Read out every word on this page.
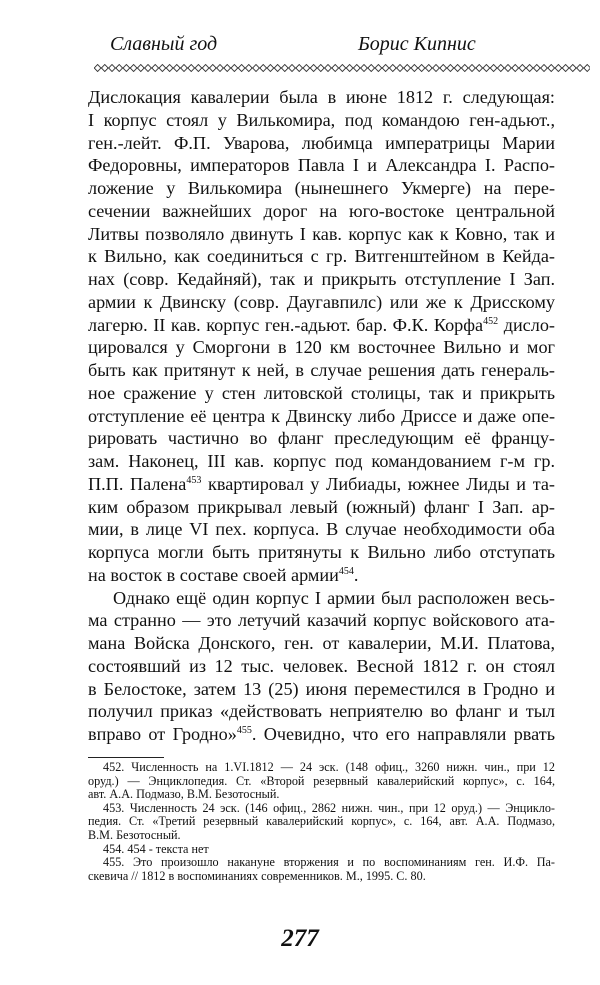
Славный год	Борис Кипнис
Дислокация кавалерии была в июне 1812 г. следующая:
I корпус стоял у Вилькомира, под командою ген-адьют.,
ген.-лейт. Ф.П. Уварова, любимца императрицы Марии
Федоровны, императоров Павла I и Александра I. Распо-
ложение у Вилькомира (нынешнего Укмерге) на пере-
сечении важнейших дорог на юго-востоке центральной
Литвы позволяло двинуть I кав. корпус как к Ковно, так и
к Вильно, как соединиться с гр. Витгенштейном в Кейда-
нах (совр. Кедайняй), так и прикрыть отступление I Зап.
армии к Двинску (совр. Даугавпилс) или же к Дрисскому
лагерю. II кав. корпус ген.-адьют. бар. Ф.К. Корфа$^{452}$ дисло-
цировался у Сморгони в 120 км восточнее Вильно и мог
быть как притянут к ней, в случае решения дать генераль-
ное сражение у стен литовской столицы, так и прикрыть
отступление её центра к Двинску либо Дриссе и даже опе-
рировать частично во фланг преследующим её францу-
зам. Наконец, III кав. корпус под командованием г-м гр.
П.П. Палена$^{453}$ квартировал у Либиады, южнее Лиды и та-
ким образом прикрывал левый (южный) фланг I Зап. ар-
мии, в лице VI пех. корпуса. В случае необходимости оба
корпуса могли быть притянуты к Вильно либо отступать
на восток в составе своей армии$^{454}$.
Однако ещё один корпус I армии был расположен весь-
ма странно — это летучий казачий корпус войскового ата-
мана Войска Донского, ген. от кавалерии, М.И. Платова,
состоявший из 12 тыс. человек. Весной 1812 г. он стоял
в Белостоке, затем 13 (25) июня переместился в Гродно и
получил приказ «действовать неприятелю во фланг и тыл
вправо от Гродно»$^{455}$. Очевидно, что его направляли рвать
452. Численность на 1.VI.1812 — 24 эск. (148 офиц., 3260 нижн. чин., при 12
оруд.) — Энциклопедия. Ст. «Второй резервный кавалерийский корпус», с. 164,
авт. А.А. Подмазо, В.М. Безотосный.
453. Численность 24 эск. (146 офиц., 2862 нижн. чин., при 12 оруд.) — Энцикло-
педия. Ст. «Третий резервный кавалерийский корпус», с. 164, авт. А.А. Подмазо,
В.М. Безотосный.
454. 454 - текста нет
455. Это произошло накануне вторжения и по воспоминаниям ген. И.Ф. Па-
скевича // 1812 в воспоминаниях современников. М., 1995. С. 80.
277
